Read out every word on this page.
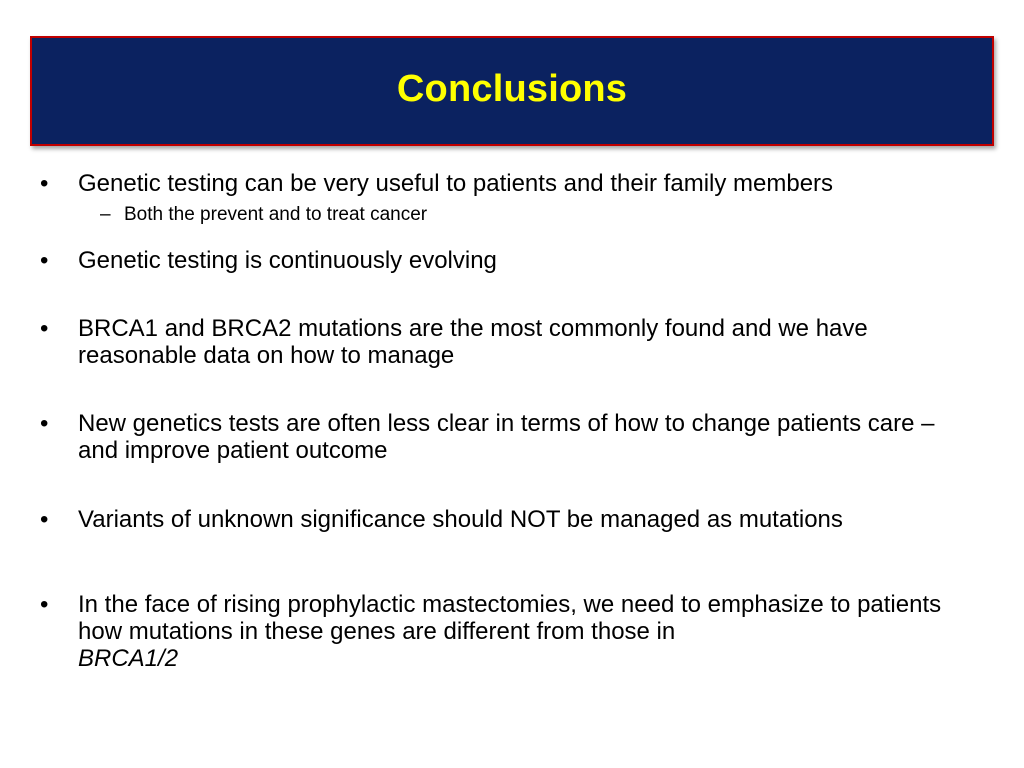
Conclusions
•	Genetic testing can be very useful to patients and their family members
– Both the prevent and to treat cancer
•	Genetic testing is continuously evolving
•	BRCA1 and BRCA2 mutations are the most commonly found and we have reasonable data on how to manage
•	New genetics tests are often less clear in terms of how to change patients care – and improve patient outcome
•	Variants of unknown significance should NOT be managed as mutations
•	In the face of rising prophylactic mastectomies, we need to emphasize to patients how mutations in these genes are different from those in
BRCA1/2
